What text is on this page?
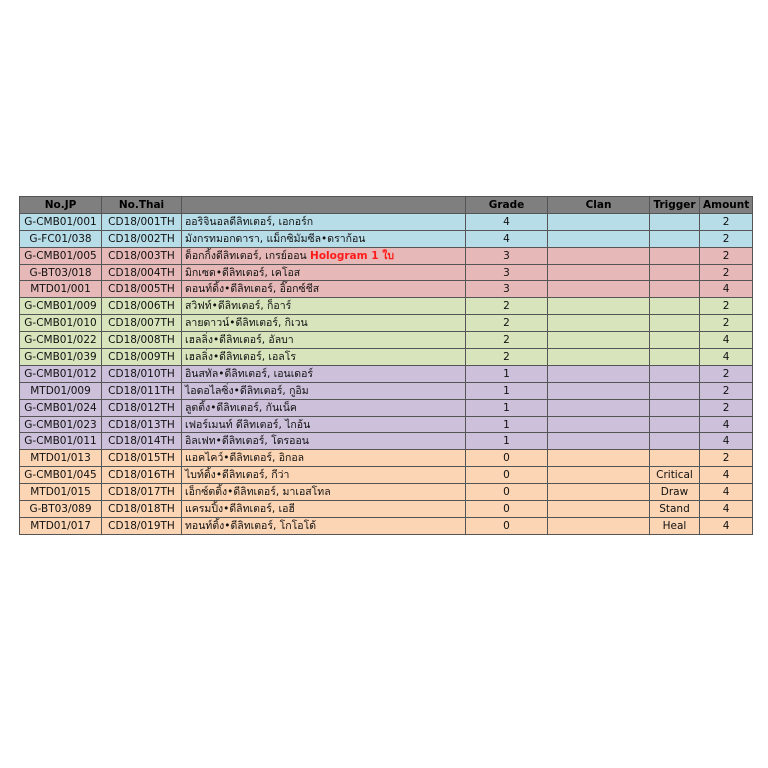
No.JP	No.Thai		Grade	Clan	Trigger	Amount
G-CMB01/001	CD18/001TH	ออริจินอลดีลิทเตอร์, เอกอร์ก	4			2
G-FC01/038	CD18/002TH	มังกรทมอกดารา, แม็กซิมัมซีล•ดราก้อน	4			2
G-CMB01/005	CD18/003TH	ด็อกกิ้งดีลิทเตอร์, เกรย์ออน Hologram 1 ใบ	3			2
G-BT03/018	CD18/004TH	มิกเซด•ดีลิทเตอร์, เคโอส	3			2
MTD01/001	CD18/005TH	ดอนท์ดิ้ง•ดีลิทเตอร์, อิ๊อกซ์ชีส	3			4
G-CMB01/009	CD18/006TH	สวิฟท์•ดีลิทเตอร์, ก็อาร์	2			2
G-CMB01/010	CD18/007TH	ลายดาวน์•ดีลิทเตอร์, กิเวน	2			2
G-CMB01/022	CD18/008TH	เฮลลิ่ง•ดีลิทเตอร์, อัลบา	2			4
G-CMB01/039	CD18/009TH	เฮลลิ่ง•ดีลิทเตอร์, เอลโร	2			4
G-CMB01/012	CD18/010TH	อินสทัล•ดีลิทเตอร์, เอนเดอร์	1			2
MTD01/009	CD18/011TH	ไอดอไลซิ่ง•ดีลิทเตอร์, กูอิม	1			2
G-CMB01/024	CD18/012TH	ลูตติ้ง•ดีลิทเตอร์, กันเน็ค	1			2
G-CMB01/023	CD18/013TH	เฟอร์เมนท์ ดีลิทเตอร์, ไกอ้น	1			4
G-CMB01/011	CD18/014TH	อิลเฟท•ดีลิทเตอร์, โดรออน	1			4
MTD01/013	CD18/015TH	แอคไคว์•ดีลิทเตอร์, อิกอล	0			2
G-CMB01/045	CD18/016TH	ไบท์ติ้ง•ดีลิทเตอร์, กีว่า	0		Critical	4
MTD01/015	CD18/017TH	เอ็กซ์ตติ้ง•ดีลิทเตอร์, มาเอสโทล	0		Draw	4
G-BT03/089	CD18/018TH	แครมปิ้ง•ดีลิทเตอร์, เอฮี	0		Stand	4
MTD01/017	CD18/019TH	ทอนท์ติ้ง•ดีลิทเตอร์, โกโอโด้	0		Heal	4
